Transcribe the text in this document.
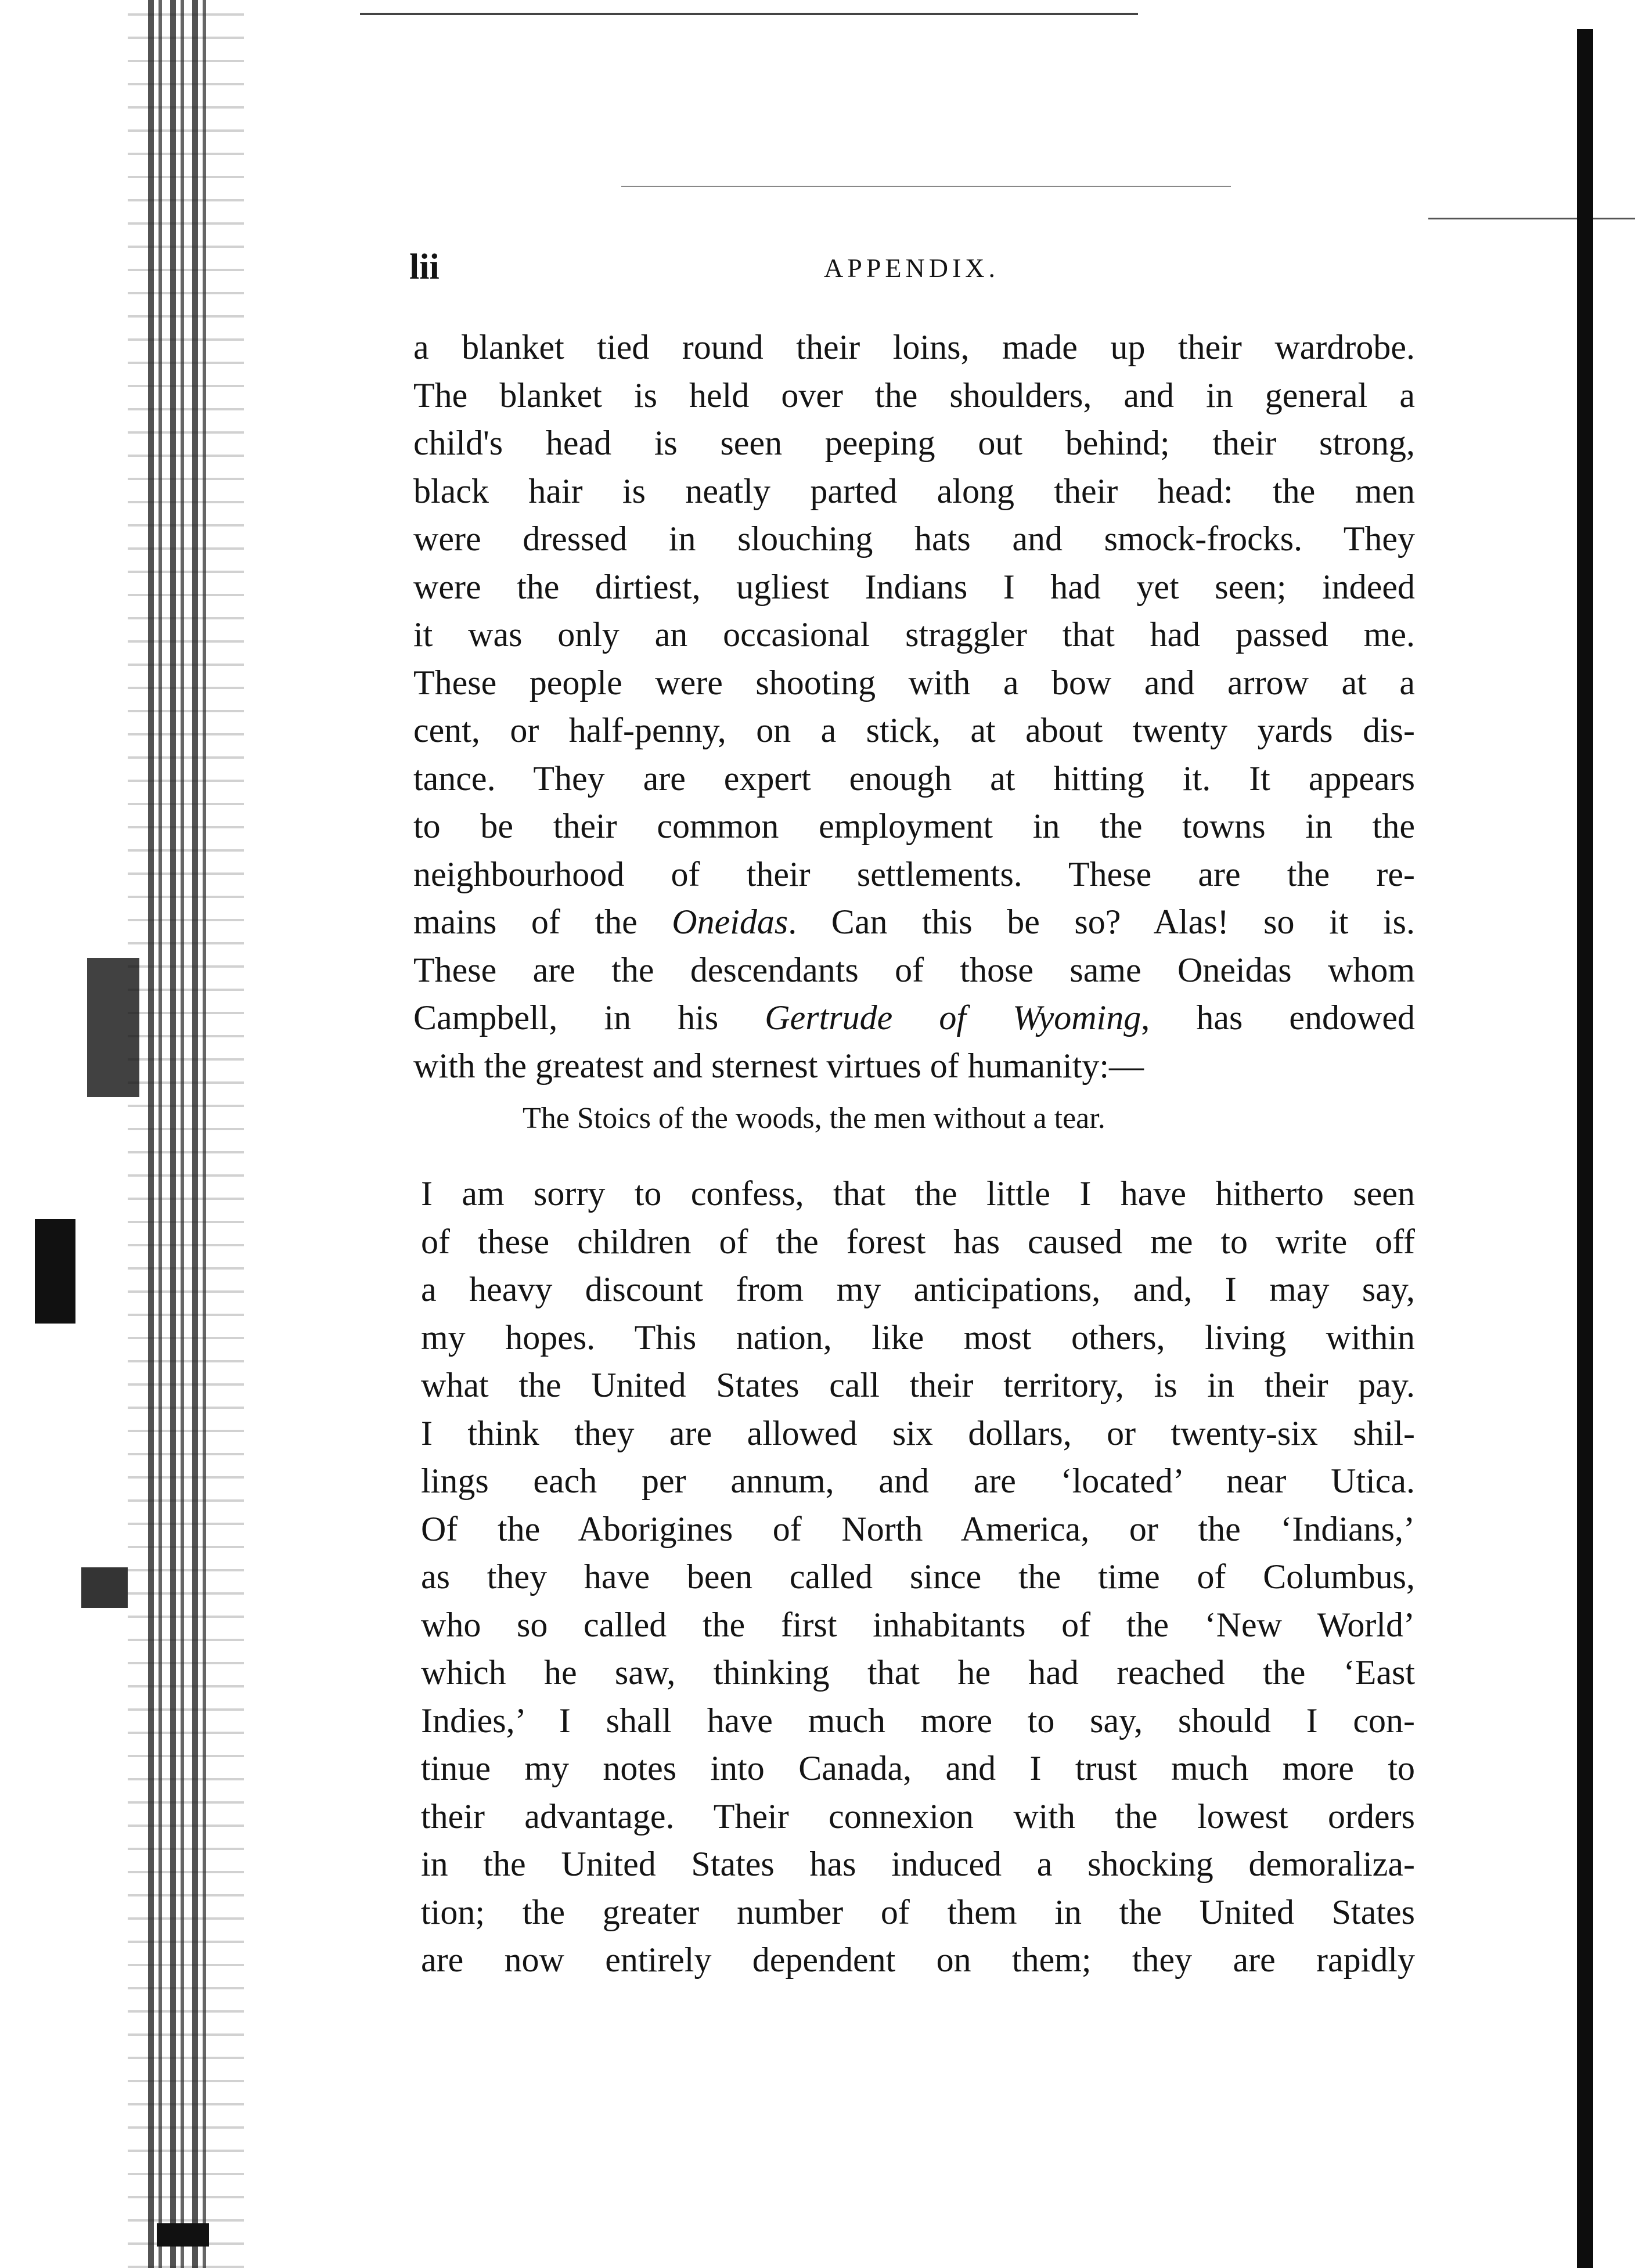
lii	APPENDIX.
a blanket tied round their loins, made up their wardrobe.
The blanket is held over the shoulders, and in general a
child's head is seen peeping out behind; their strong,
black hair is neatly parted along their head: the men
were dressed in slouching hats and smock-frocks. They
were the dirtiest, ugliest Indians I had yet seen; indeed
it was only an occasional straggler that had passed me.
These people were shooting with a bow and arrow at a
cent, or half-penny, on a stick, at about twenty yards dis-
tance. They are expert enough at hitting it. It appears
to be their common employment in the towns in the
neighbourhood of their settlements. These are the re-
mains of the Oneidas. Can this be so? Alas! so it is.
These are the descendants of those same Oneidas whom
Campbell, in his Gertrude of Wyoming, has endowed
with the greatest and sternest virtues of humanity:—
The Stoics of the woods, the men without a tear.
I am sorry to confess, that the little I have hitherto seen
of these children of the forest has caused me to write off
a heavy discount from my anticipations, and, I may say,
my hopes. This nation, like most others, living within
what the United States call their territory, is in their pay.
I think they are allowed six dollars, or twenty-six shil-
lings each per annum, and are ‘located’ near Utica.
Of the Aborigines of North America, or the ‘Indians,’
as they have been called since the time of Columbus,
who so called the first inhabitants of the ‘New World’
which he saw, thinking that he had reached the ‘East
Indies,’ I shall have much more to say, should I con-
tinue my notes into Canada, and I trust much more to
their advantage. Their connexion with the lowest orders
in the United States has induced a shocking demoraliza-
tion; the greater number of them in the United States
are now entirely dependent on them; they are rapidly
